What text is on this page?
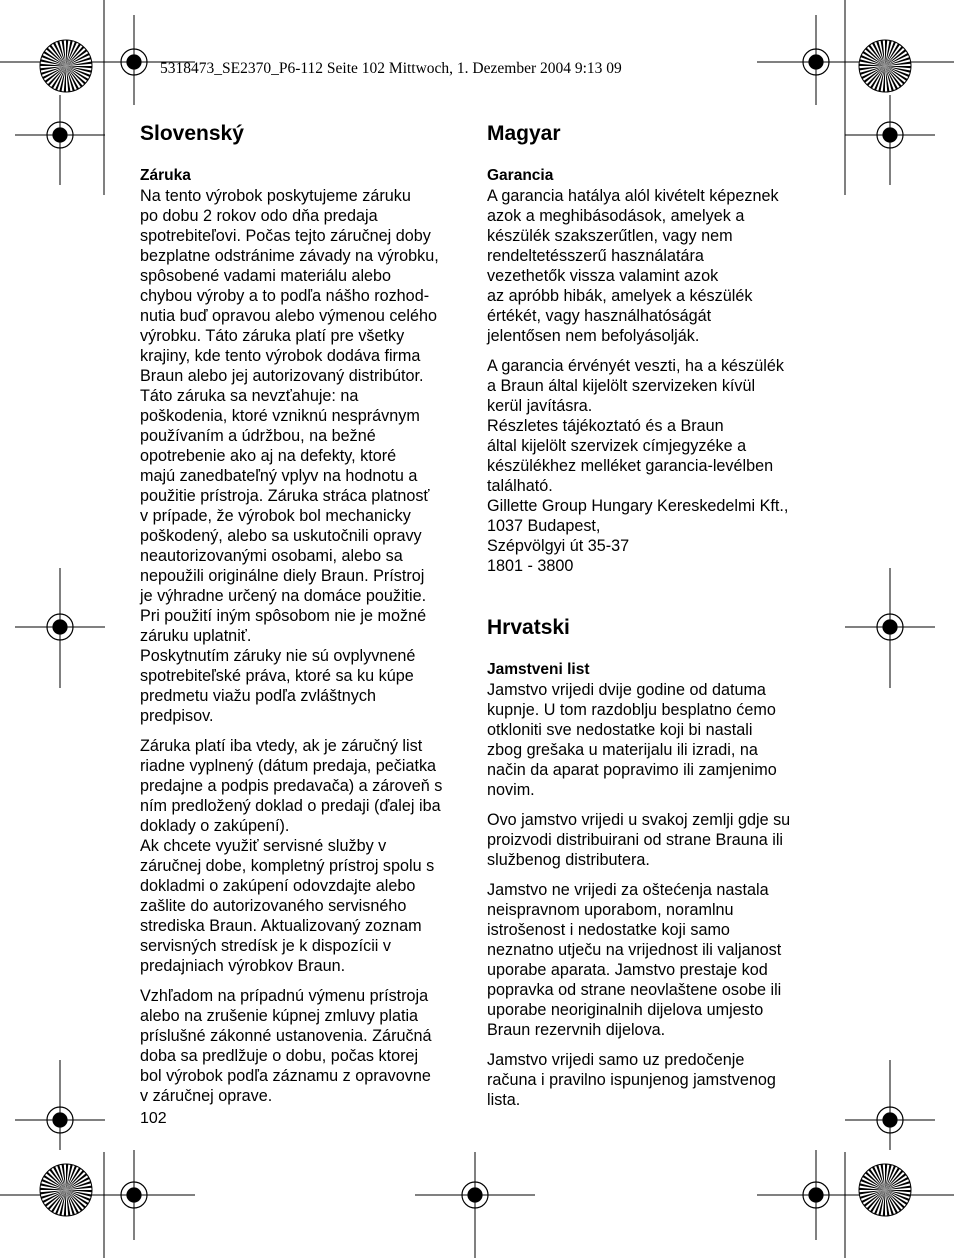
5318473_SE2370_P6-112 Seite 102 Mittwoch, 1. Dezember 2004 9:13 09
Slovenský
Záruka
Na tento výrobok poskytujeme záruku
po dobu 2 rokov odo dňa predaja
spotrebiteľovi. Počas tejto záručnej doby
bezplatne odstránime závady na výrobku,
spôsobené vadami materiálu alebo
chybou výroby a to podľa nášho rozhod-
nutia buď opravou alebo výmenou celého
výrobku. Táto záruka platí pre všetky
krajiny, kde tento výrobok dodáva firma
Braun alebo jej autorizovaný distribútor.
Táto záruka sa nevzťahuje: na
poškodenia, ktoré vzniknú nesprávnym
používaním a údržbou, na bežné
opotrebenie ako aj na defekty, ktoré
majú zanedbateľný vplyv na hodnotu a
použitie prístroja. Záruka stráca platnosť
v prípade, že výrobok bol mechanicky
poškodený, alebo sa uskutočnili opravy
neautorizovanými osobami, alebo sa
nepoužili originálne diely Braun. Prístroj
je výhradne určený na domáce použitie.
Pri použití iným spôsobom nie je možné
záruku uplatniť.
Poskytnutím záruky nie sú ovplyvnené
spotrebiteľské práva, ktoré sa ku kúpe
predmetu viažu podľa zvláštnych
predpisov.
Záruka platí iba vtedy, ak je záručný list
riadne vyplnený (dátum predaja, pečiatka
predajne a podpis predavača) a zároveň s
ním predložený doklad o predaji (ďalej iba
doklady o zakúpení).
Ak chcete využiť servisné služby v
záručnej dobe, kompletný prístroj spolu s
dokladmi o zakúpení odovzdajte alebo
zašlite do autorizovaného servisného
strediska Braun. Aktualizovaný zoznam
servisných stredísk je k dispozícii v
predajniach výrobkov Braun.
Vzhľadom na prípadnú výmenu prístroja
alebo na zrušenie kúpnej zmluvy platia
príslušné zákonné ustanovenia. Záručná
doba sa predlžuje o dobu, počas ktorej
bol výrobok podľa záznamu z opravovne
v záručnej oprave.
Magyar
Garancia
A garancia hatálya alól kivételt képeznek
azok a meghibásodások, amelyek a
készülék szakszerűtlen, vagy nem
rendeltetésszerű használatára
vezethetők vissza valamint azok
az apróbb hibák, amelyek a készülék
értékét, vagy használhatóságát
jelentősen nem befolyásolják.
A garancia érvényét veszti, ha a készülék
a Braun által kijelölt szervizeken kívül
kerül javításra.
Részletes tájékoztató és a Braun
által kijelölt szervizek címjegyzéke a
készülékhez melléket garancia-levélben
található.
Gillette Group Hungary Kereskedelmi Kft.,
1037 Budapest,
Szépvölgyi út 35-37
1801 - 3800
Hrvatski
Jamstveni list
Jamstvo vrijedi dvije godine od datuma
kupnje. U tom razdoblju besplatno ćemo
otkloniti sve nedostatke koji bi nastali
zbog grešaka u materijalu ili izradi, na
način da aparat popravimo ili zamjenimo
novim.
Ovo jamstvo vrijedi u svakoj zemlji gdje su
proizvodi distribuirani od strane Brauna ili
službenog distributera.
Jamstvo ne vrijedi za oštećenja nastala
neispravnom uporabom, noramlnu
istrošenost i nedostatke koji samo
neznatno utječu na vrijednost ili valjanost
uporabe aparata. Jamstvo prestaje kod
popravka od strane neovlaštene osobe ili
uporabe neoriginalnih dijelova umjesto
Braun rezervnih dijelova.
Jamstvo vrijedi samo uz predočenje
računa i pravilno ispunjenog jamstvenog
lista.
102
